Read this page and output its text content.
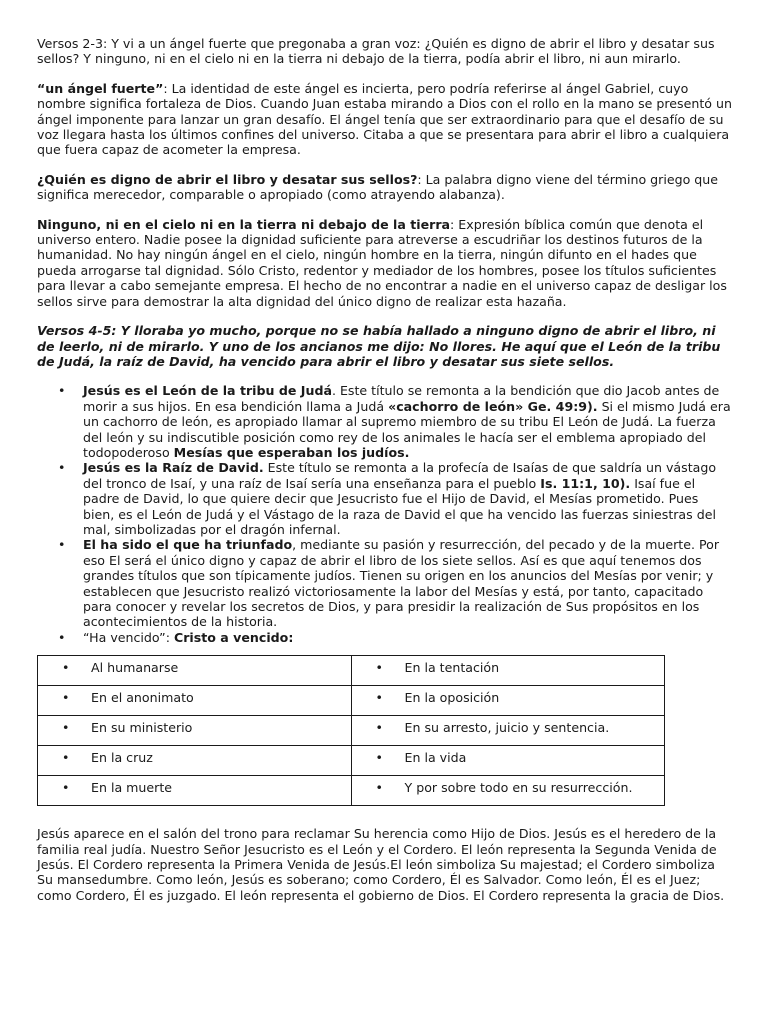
Versos 2-3: Y vi a un ángel fuerte que pregonaba a gran voz: ¿Quién es digno de abrir el libro y desatar sus sellos? Y ninguno, ni en el cielo ni en la tierra ni debajo de la tierra, podía abrir el libro, ni aun mirarlo.

“un ángel fuerte”: La identidad de este ángel es incierta, pero podría referirse al ángel Gabriel, cuyo nombre significa fortaleza de Dios. Cuando Juan estaba mirando a Dios con el rollo en la mano se presentó un ángel imponente para lanzar un gran desafío. El ángel tenía que ser extraordinario para que el desafío de su voz llegara hasta los últimos confines del universo. Citaba a que se presentara para abrir el libro a cualquiera que fuera capaz de acometer la empresa.

¿Quién es digno de abrir el libro y desatar sus sellos?: La palabra digno viene del término griego que significa merecedor, comparable o apropiado (como atrayendo alabanza).

Ninguno, ni en el cielo ni en la tierra ni debajo de la tierra: Expresión bíblica común que denota el universo entero. Nadie posee la dignidad suficiente para atreverse a escudriñar los destinos futuros de la humanidad. No hay ningún ángel en el cielo, ningún hombre en la tierra, ningún difunto en el hades que pueda arrogarse tal dignidad. Sólo Cristo, redentor y mediador de los hombres, posee los títulos suficientes para llevar a cabo semejante empresa. El hecho de no encontrar a nadie en el universo capaz de desligar los sellos sirve para demostrar la alta dignidad del único digno de realizar esta hazaña.

Versos 4-5: Y lloraba yo mucho, porque no se había hallado a ninguno digno de abrir el libro, ni de leerlo, ni de mirarlo. Y uno de los ancianos me dijo: No llores. He aquí que el León de la tribu de Judá, la raíz de David, ha vencido para abrir el libro y desatar sus siete sellos.

• Jesús es el León de la tribu de Judá. Este título se remonta a la bendición que dio Jacob antes de morir a sus hijos. En esa bendición llama a Judá «cachorro de león» Ge. 49:9). Si el mismo Judá era un cachorro de león, es apropiado llamar al supremo miembro de su tribu El León de Judá. La fuerza del león y su indiscutible posición como rey de los animales le hacía ser el emblema apropiado del todopoderoso Mesías que esperaban los judíos.
• Jesús es la Raíz de David. Este título se remonta a la profecía de Isaías de que saldría un vástago del tronco de Isaí, y una raíz de Isaí sería una enseñanza para el pueblo Is. 11:1, 10). Isaí fue el padre de David, lo que quiere decir que Jesucristo fue el Hijo de David, el Mesías prometido. Pues bien, es el León de Judá y el Vástago de la raza de David el que ha vencido las fuerzas siniestras del mal, simbolizadas por el dragón infernal.
• El ha sido el que ha triunfado, mediante su pasión y resurrección, del pecado y de la muerte. Por eso El será el único digno y capaz de abrir el libro de los siete sellos. Así es que aquí tenemos dos grandes títulos que son típicamente judíos. Tienen su origen en los anuncios del Mesías por venir; y establecen que Jesucristo realizó victoriosamente la labor del Mesías y está, por tanto, capacitado para conocer y revelar los secretos de Dios, y para presidir la realización de Sus propósitos en los acontecimientos de la historia.
• “Ha vencido”: Cristo a vencido:
• Al humanarse	• En la tentación

• En el anonimato	• En la oposición

• En su ministerio	• En su arresto, juicio y sentencia.

• En la cruz	• En la vida

• En la muerte	• Y por sobre todo en su resurrección.

Jesús aparece en el salón del trono para reclamar Su herencia como Hijo de Dios. Jesús es el heredero de la familia real judía. Nuestro Señor Jesucristo es el León y el Cordero. El león representa la Segunda Venida de Jesús. El Cordero representa la Primera Venida de Jesús.El león simboliza Su majestad; el Cordero simboliza Su mansedumbre. Como león, Jesús es soberano; como Cordero, Él es Salvador. Como león, Él es el Juez; como Cordero, Él es juzgado. El león representa el gobierno de Dios. El Cordero representa la gracia de Dios.
